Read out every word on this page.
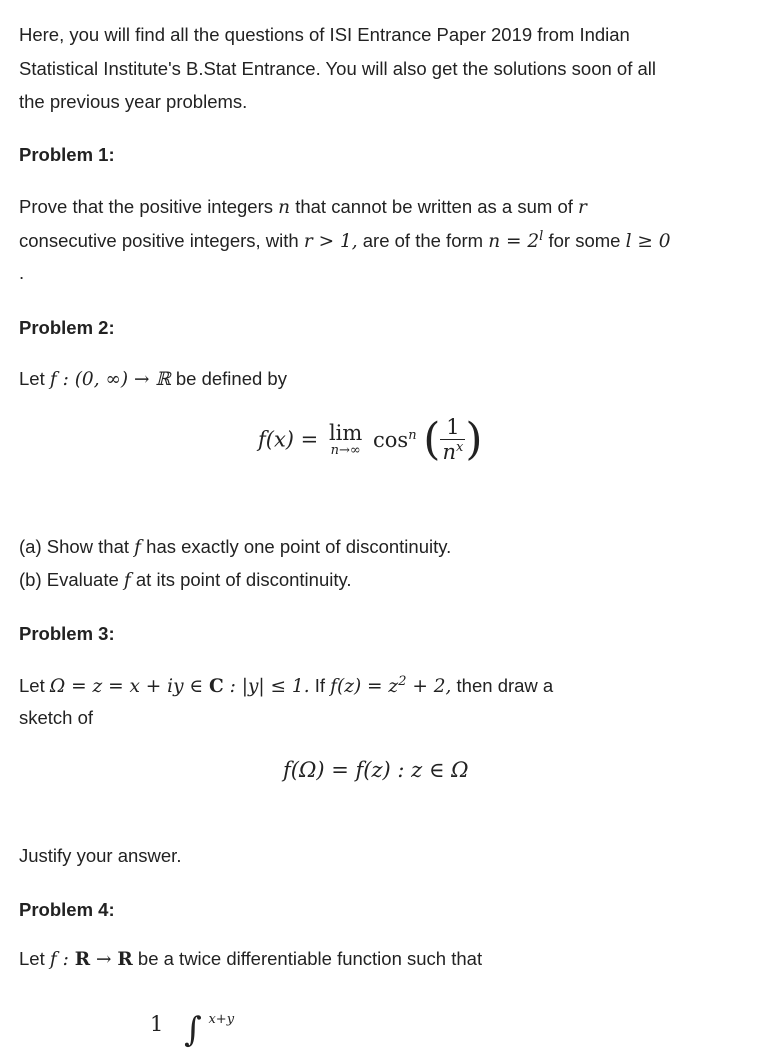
Here, you will find all the questions of ISI Entrance Paper 2019 from Indian
Statistical Institute's B.Stat Entrance. You will also get the solutions soon of all
the previous year problems.
Problem 1:
Prove that the positive integers n that cannot be written as a sum of r
consecutive positive integers, with r > 1, are of the form $n = 2^l$ for some l ≥ 0
.
Problem 2:
Let f : (0, ∞) → ℝ be defined by
f(x) = lim
n→∞ $\cos^n$ ( $\frac{1}{n^x}$ )
(a) Show that f has exactly one point of discontinuity.
(b) Evaluate f at its point of discontinuity.
Problem 3:
Let Ω = z = x + iy ∈ C : |y| ≤ 1. If $f(z) = z^2 + 2$, then draw a
sketch of
f(Ω) = f(z) : z ∈ Ω
Justify your answer.
Problem 4:
Let f : R → R be a twice differentiable function such that
1 ∫ $^{x+y}$
